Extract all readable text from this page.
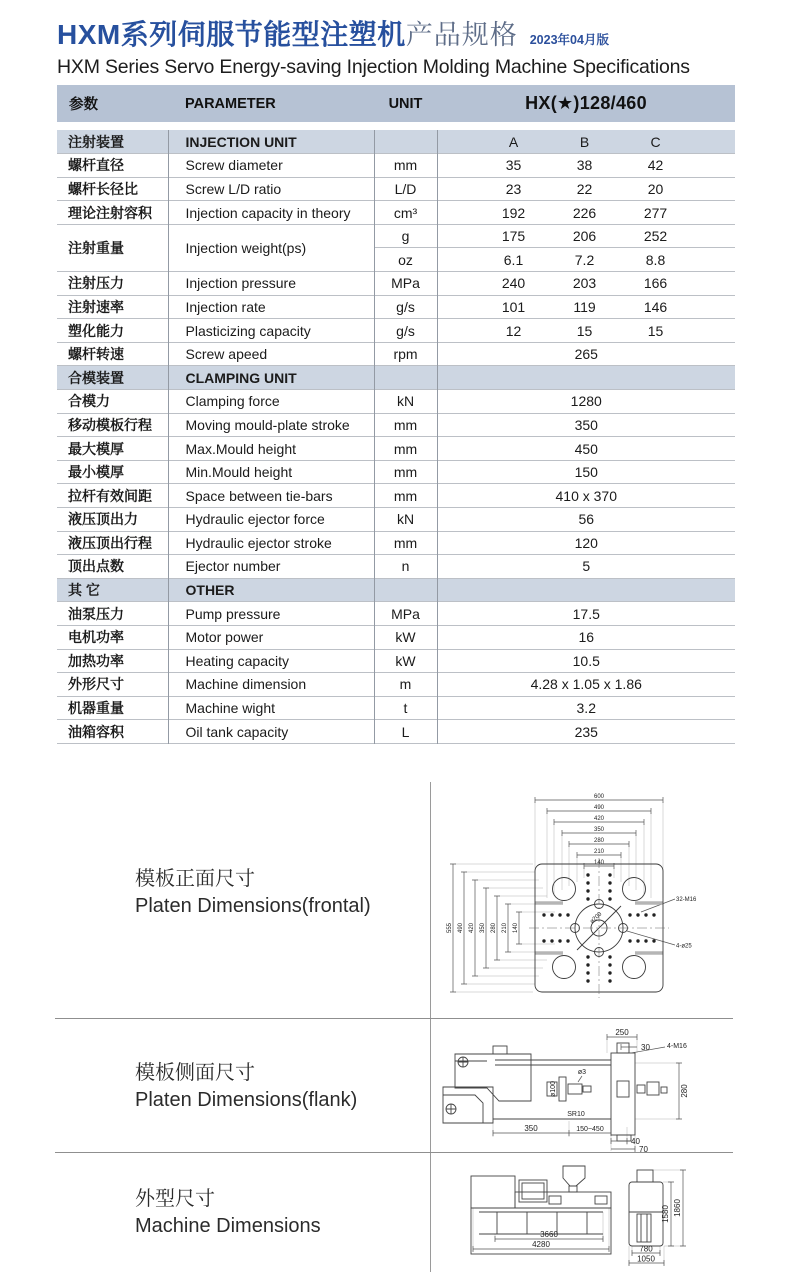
HXM系列伺服节能型注塑机 产品规格 2023年04月版
HXM Series Servo Energy-saving Injection Molding Machine Specifications
参数	PARAMETER	UNIT	HX(★)128/460
注射装置	INJECTION UNIT			A	B	C	
螺杆直径	Screw diameter	mm		35	38	42	
螺杆长径比	Screw L/D ratio	L/D		23	22	20	
理论注射容积	Injection capacity in theory	cm³		192	226	277	
注射重量	Injection weight(ps)	g		175	206	252	
		oz		6.1	7.2	8.8	
注射压力	Injection pressure	MPa		240	203	166	
注射速率	Injection rate	g/s		101	119	146	
塑化能力	Plasticizing capacity	g/s		12	15	15	
螺杆转速	Screw apeed	rpm	265				
合模装置	CLAMPING UNIT						
合模力	Clamping force	kN	1280				
移动模板行程	Moving mould-plate stroke	mm	350				
最大模厚	Max.Mould height	mm	450				
最小模厚	Min.Mould height	mm	150				
拉杆有效间距	Space between tie-bars	mm	410 x 370				
液压顶出力	Hydraulic ejector force	kN	56				
液压顶出行程	Hydraulic ejector stroke	mm	120				
顶出点数	Ejector number	n	5				
其 它	OTHER						
油泵压力	Pump pressure	MPa	17.5				
电机功率	Motor power	kW	16				
加热功率	Heating capacity	kW	10.5				
外形尺寸	Machine dimension	m	4.28 x 1.05 x 1.86				
机器重量	Machine wight	t	3.2				
油箱容积	Oil tank capacity	L	235				
模板正面尺寸
Platen Dimensions(frontal)
模板侧面尺寸
Platen Dimensions(flank)
外型尺寸
Machine Dimensions
600
490
420
350
280
210
140
555 490 420 350 280 210 140
ø200
32-M16
4-ø25
250
30 4-M16
ø3
ø100
SR10
280
350	150~450
40
70
3660
4280	780
1050
1580 1860
